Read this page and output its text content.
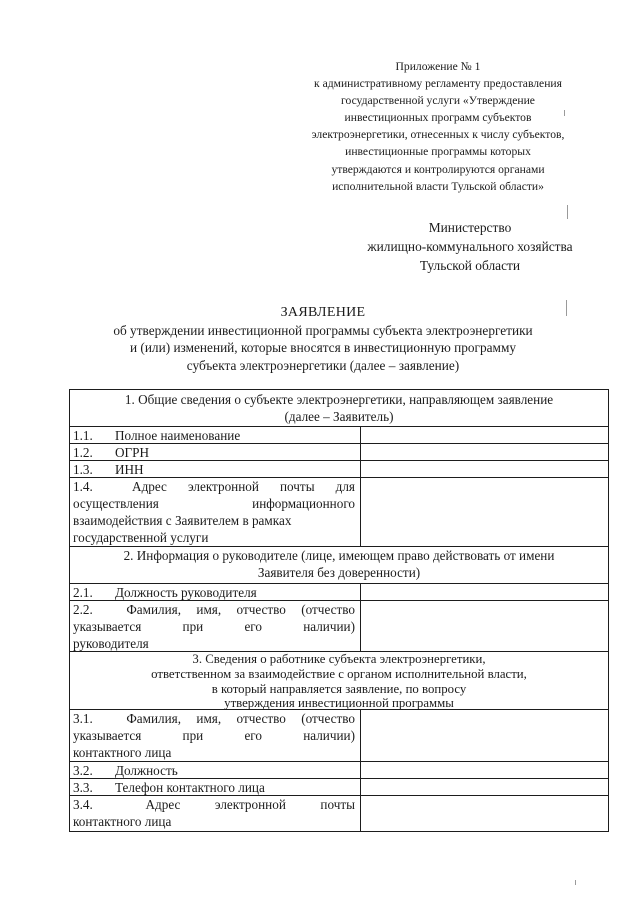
Приложение № 1
к административному регламенту предоставления
государственной услуги «Утверждение
инвестиционных программ субъектов
электроэнергетики, отнесенных к числу субъектов,
инвестиционные программы которых
утверждаются и контролируются органами
исполнительной власти Тульской области»
Министерство
жилищно-коммунального хозяйства
Тульской области
ЗАЯВЛЕНИЕ
об утверждении инвестиционной программы субъекта электроэнергетики
и (или) изменений, которые вносятся в инвестиционную программу
субъекта электроэнергетики (далее – заявление)
1. Общие сведения о субъекте электроэнергетики, направляющем заявление
(далее – Заявитель)
1.1. Полное наименование
1.2. ОГРН
1.3. ИНН
1.4.	Адрес электронной почты для
осуществления	информационного
взаимодействия с Заявителем в рамках
государственной услуги
2. Информация о руководителе (лице, имеющем право действовать от имени
Заявителя без доверенности)
2.1. Должность руководителя
2.2.	Фамилия, имя, отчество (отчество
указывается	при	его	наличии)
руководителя
3. Сведения о работнике субъекта электроэнергетики,
ответственном за взаимодействие с органом исполнительной власти,
в который направляется заявление, по вопросу
утверждения инвестиционной программы
3.1.	Фамилия, имя, отчество (отчество
указывается	при	его	наличии)
контактного лица
3.2. Должность
3.3. Телефон контактного лица
3.4.	Адрес	электронной	почты
контактного лица
